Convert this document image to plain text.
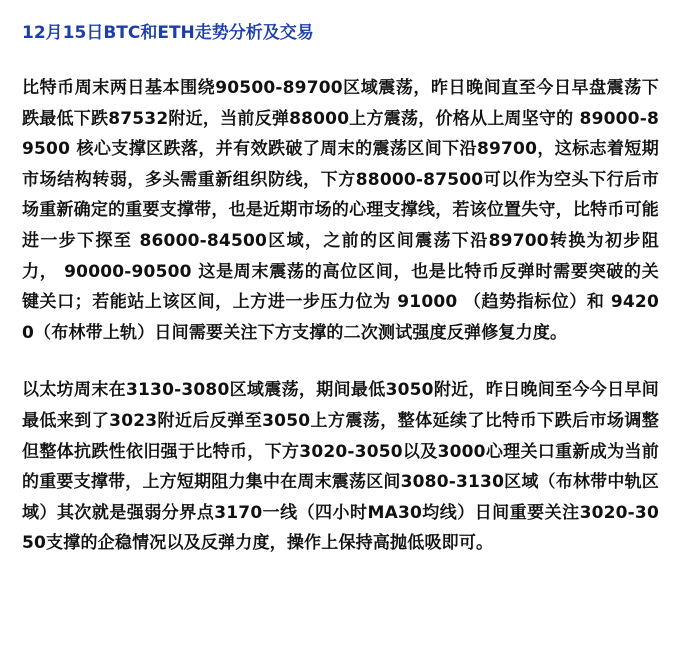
12月15日BTC和ETH走势分析及交易

比特币周末两日基本围绕90500-89700区域震荡，昨日晚间直至今日早盘震荡下跌最低下跌87532附近，当前反弹88000上方震荡，价格从上周坚守的 89000-89500 核心支撑区跌落，并有效跌破了周末的震荡区间下沿89700，这标志着短期市场结构转弱，多头需重新组织防线，下方88000-87500可以作为空头下行后市场重新确定的重要支撑带，也是近期市场的心理支撑线，若该位置失守，比特币可能进一步下探至 86000-84500区域，之前的区间震荡下沿89700转换为初步阻力， 90000-90500 这是周末震荡的高位区间，也是比特币反弹时需要突破的关键关口；若能站上该区间，上方进一步压力位为 91000 （趋势指标位）和 94200（布林带上轨）日间需要关注下方支撑的二次测试强度反弹修复力度。

以太坊周末在3130-3080区域震荡，期间最低3050附近，昨日晚间至今今日早间最低来到了3023附近后反弹至3050上方震荡，整体延续了比特币下跌后市场调整但整体抗跌性依旧强于比特币，下方3020-3050以及3000心理关口重新成为当前的重要支撑带，上方短期阻力集中在周末震荡区间3080-3130区域（布林带中轨区域）其次就是强弱分界点3170一线（四小时MA30均线）日间重要关注3020-3050支撑的企稳情况以及反弹力度，操作上保持高抛低吸即可。
